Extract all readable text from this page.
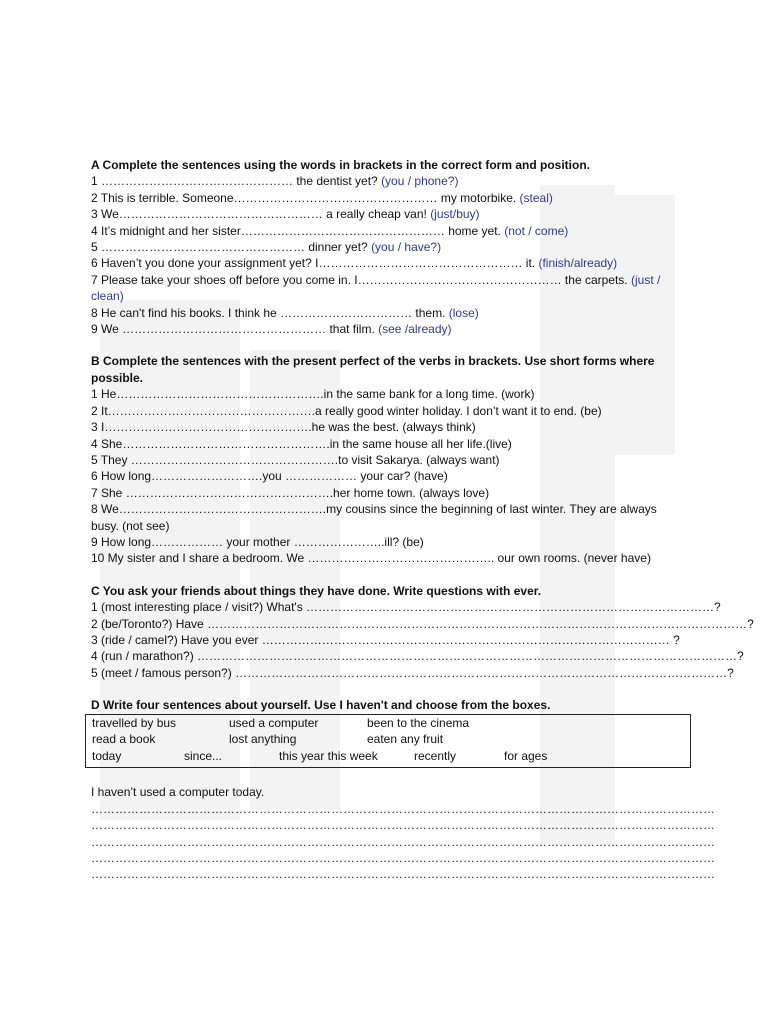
A Complete the sentences using the words in brackets in the correct form and position.
1 ………………………………………… the dentist yet? (you / phone?)
2 This is terrible. Someone…………………………………………… my motorbike. (steal)
3 We…………………………………………… a really cheap van! (just/buy)
4 It’s midnight and her sister…………………………………………… home yet. (not / come)
5 …………………………………………… dinner yet? (you / have?)
6 Haven’t you done your assignment yet? I…………………………………………… it. (finish/already)
7 Please take your shoes off before you come in. I…………………………………………… the carpets. (just / clean)
8 He can't find his books. I think he …………………………… them. (lose)
9 We …………………………………………… that film. (see /already)
B Complete the sentences with the present perfect of the verbs in brackets. Use short forms where possible.
1 He…………………………………………….in the same bank for a long time. (work)
2 It…………………………………………….a really good winter holiday. I don’t want it to end. (be)
3 I…………………………………………….he was the best. (always think)
4 She…………………………………………….in the same house all her life.(live)
5 They …………………………………………….to visit Sakarya. (always want)
6 How long……………………….you ……………… your car? (have)
7 She …………………………………………….her home town. (always love)
8 We…………………………………………….my cousins since the beginning of last winter. They are always busy. (not see)
9 How long……………… your mother …………………..ill? (be)
10 My sister and I share a bedroom. We ……………………………………….. our own rooms. (never have)
C You ask your friends about things they have done. Write questions with ever.
1 (most interesting place / visit?) What's …………………………………………………………………………………………?
2 (be/Toronto?) Have ………………………………………………………………………………………………………………………?
3 (ride / camel?) Have you ever ………………………………………………………………………………………… ?
4 (run / marathon?) ………………………………………………………………………………………………………………………?
5 (meet / famous person?) ……………………………………………………………………………………………………………?
D Write four sentences about yourself. Use I haven't and choose from the boxes.
travelled by bus	used a computer	been to the cinema
read a book	lost anything	eaten any fruit
today	since...	this year this week	recently	for ages
I haven’t used a computer today.
…………………………………………………………………………………………………………………………………………
…………………………………………………………………………………………………………………………………………
…………………………………………………………………………………………………………………………………………
…………………………………………………………………………………………………………………………………………
…………………………………………………………………………………………………………………………………………
